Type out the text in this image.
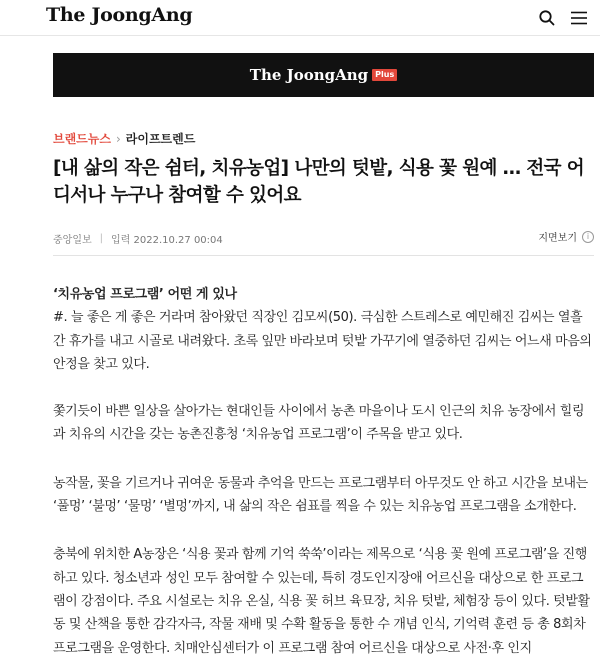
The JoongAng
The JoongAng Plus
브랜드뉴스 › 라이프트렌드
[내 삶의 작은 쉼터, 치유농업] 나만의 텃밭, 식용 꽃 원예 … 전국 어디서나 누구나 참여할 수 있어요
중앙일보 | 입력 2022.10.27 00:04	지면보기	i

‘치유농업 프로그램’ 어떤 게 있나

#. 늘 좋은 게 좋은 거라며 참아왔던 직장인 김모씨(50). 극심한 스트레스로 예민해진 김씨는 열흘간 휴가를 내고 시골로 내려왔다. 초록 잎만 바라보며 텃밭 가꾸기에 열중하던 김씨는 어느새 마음의 안정을 찾고 있다.

쫓기듯이 바쁜 일상을 살아가는 현대인들 사이에서 농촌 마을이나 도시 인근의 치유 농장에서 힐링과 치유의 시간을 갖는 농촌진흥청 ‘치유농업 프로그램’이 주목을 받고 있다.

농작물, 꽃을 기르거나 귀여운 동물과 추억을 만드는 프로그램부터 아무것도 안 하고 시간을 보내는 ‘풀멍’ ‘불멍’ ‘물멍’ ‘별멍’까지, 내 삶의 작은 쉼표를 찍을 수 있는 치유농업 프로그램을 소개한다.

충북에 위치한 A농장은 ‘식용 꽃과 함께 기억 쑥쑥’이라는 제목으로 ‘식용 꽃 원예 프로그램’을 진행하고 있다. 청소년과 성인 모두 참여할 수 있는데, 특히 경도인지장애 어르신을 대상으로 한 프로그램이 강점이다. 주요 시설로는 치유 온실, 식용 꽃 허브 육묘장, 치유 텃밭, 체험장 등이 있다. 텃밭활동 및 산책을 통한 감각자극, 작물 재배 및 수확 활동을 통한 수 개념 인식, 기억력 훈련 등 총 8회차 프로그램을 운영한다. 치매안심센터가 이 프로그램 참여 어르신을 대상으로 사전·후 인지
